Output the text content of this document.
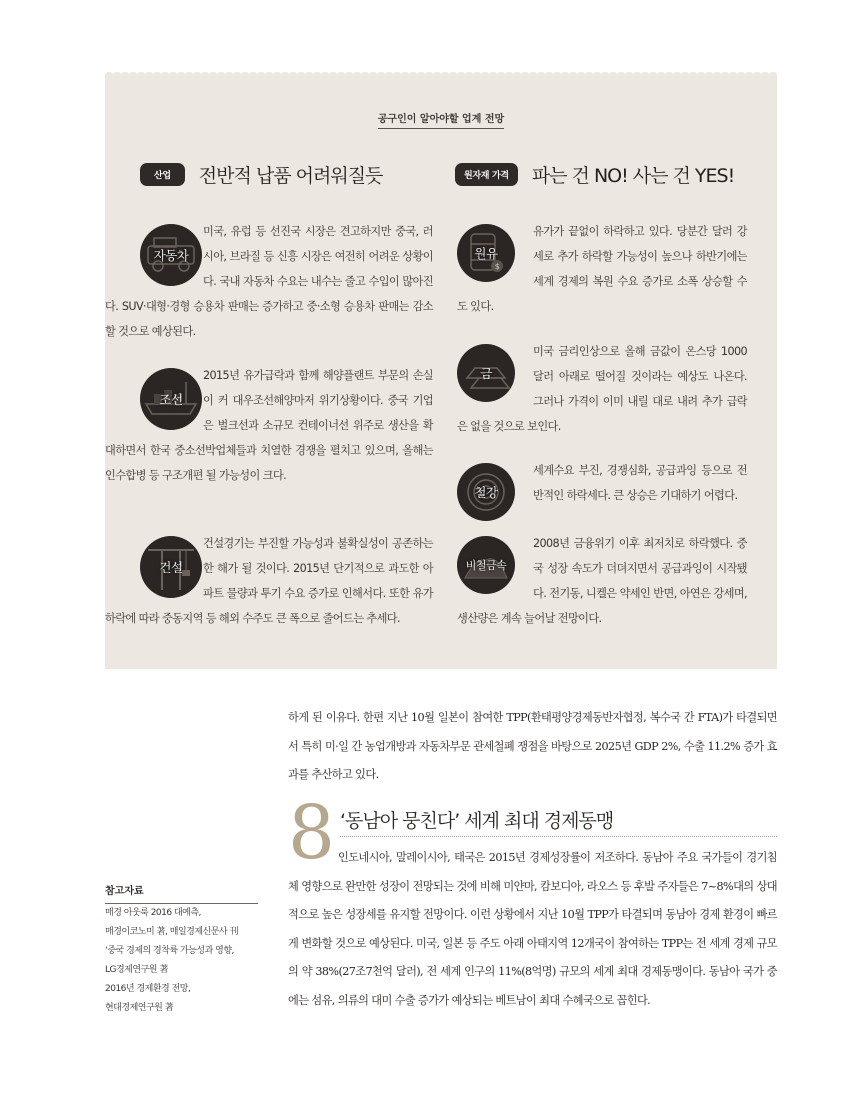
공구인이 알아야할 업계 전망
산업	전반적 납품 어려워질듯	원자재 가격	파는 건 NO! 사는 건 YES!
자동차
미국, 유럽 등 선진국 시장은 견고하지만 중국, 러시아, 브라질 등 신흥 시장은 여전히 어려운 상황이다. 국내 자동차 수요는 내수는 줄고 수입이 많아진다. SUV·대형·경형 승용차 판매는 증가하고 중·소형 승용차 판매는 감소할 것으로 예상된다.
조선
2015년 유가급락과 함께 해양플랜트 부문의 손실이 커 대우조선해양마저 위기상황이다. 중국 기업은 벌크선과 소규모 컨테이너선 위주로 생산을 확대하면서 한국 중소선박업체들과 치열한 경쟁을 펼치고 있으며, 올해는 인수합병 등 구조개편 될 가능성이 크다.
건설
건설경기는 부진할 가능성과 불확실성이 공존하는 한 해가 될 것이다. 2015년 단기적으로 과도한 아파트 물량과 투기 수요 증가로 인해서다. 또한 유가 하락에 따라 중동지역 등 해외 수주도 큰 폭으로 줄어드는 추세다.
$
원유
유가가 끝없이 하락하고 있다. 당분간 달러 강세로 추가 하락할 가능성이 높으나 하반기에는 세계 경제의 복원 수요 증가로 소폭 상승할 수도 있다.
금
미국 금리인상으로 올해 금값이 온스당 1000달러 아래로 떨어질 것이라는 예상도 나온다. 그러나 가격이 이미 내릴 대로 내려 추가 급락은 없을 것으로 보인다.
철강
세계수요 부진, 경쟁심화, 공급과잉 등으로 전반적인 하락세다. 큰 상승은 기대하기 어렵다.
비철금속
2008년 금융위기 이후 최저치로 하락했다. 중국 성장 속도가 더뎌지면서 공급과잉이 시작됐다. 전기동, 니켈은 약세인 반면, 아연은 강세며, 생산량은 계속 늘어날 전망이다.
하게 된 이유다. 한편 지난 10월 일본이 참여한 TPP(환태평양경제동반자협정, 복수국 간 FTA)가 타결되면서 특히 미·일 간 농업개방과 자동차부문 관세철폐 쟁점을 바탕으로 2025년 GDP 2%, 수출 11.2% 증가 효과를 추산하고 있다.
8 ‘동남아 뭉친다’ 세계 최대 경제동맹
인도네시아, 말레이시아, 태국은 2015년 경제성장률이 저조하다. 동남아 주요 국가들이 경기침체 영향으로 완만한 성장이 전망되는 것에 비해 미얀마, 캄보디아, 라오스 등 후발 주자들은 7~8%대의 상대적으로 높은 성장세를 유지할 전망이다. 이런 상황에서 지난 10월 TPP가 타결되며 동남아 경제 환경이 빠르게 변화할 것으로 예상된다. 미국, 일본 등 주도 아래 아태지역 12개국이 참여하는 TPP는 전 세계 경제 규모의 약 38%(27조7천억 달러), 전 세계 인구의 11%(8억명) 규모의 세계 최대 경제동맹이다. 동남아 국가 중에는 섬유, 의류의 대미 수출 증가가 예상되는 베트남이 최대 수혜국으로 꼽힌다.
참고자료
매경 아웃룩 2016 대예측,
매경이코노미 著, 매일경제신문사 刊
‘중국 경제의 경착륙 가능성과 영향,
LG경제연구원 著
2016년 경제환경 전망,
현대경제연구원 著
